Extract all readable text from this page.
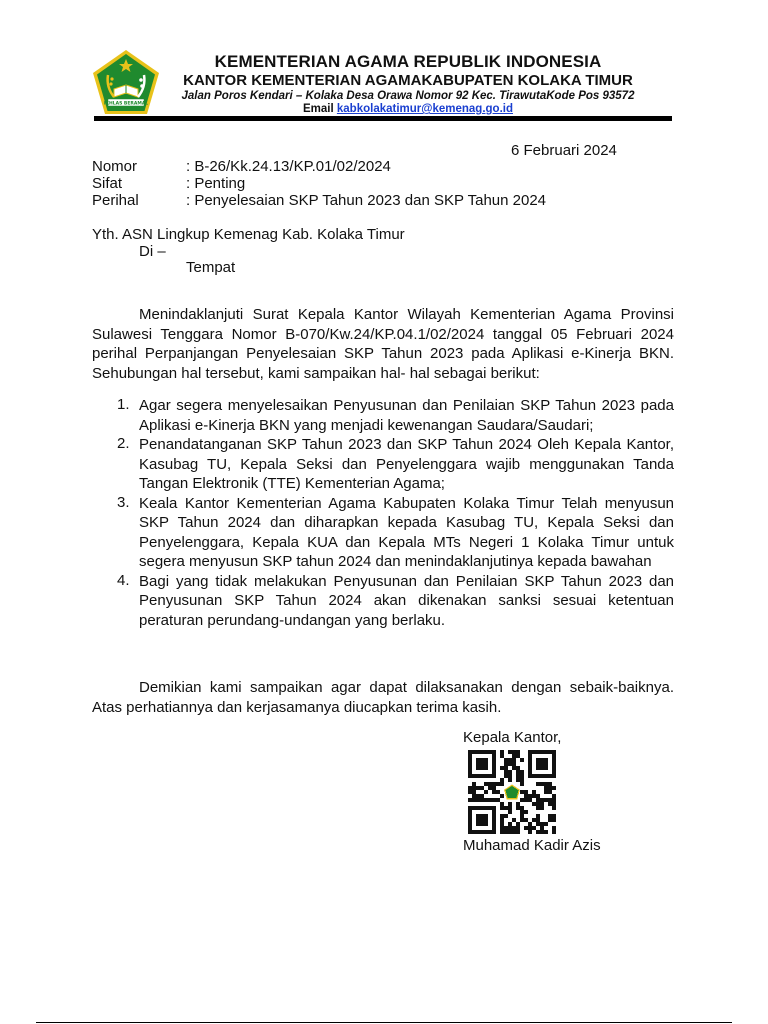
IKHLAS BERAMAL
KEMENTERIAN AGAMA REPUBLIK INDONESIA
KANTOR KEMENTERIAN AGAMAKABUPATEN KOLAKA TIMUR
Jalan Poros Kendari – Kolaka Desa Orawa Nomor 92 Kec. TirawutaKode Pos 93572
Email kabkolakatimur@kemenag.go.id
6 Februari 2024
Nomor	: B-26/Kk.24.13/KP.01/02/2024
Sifat	: Penting
Perihal	: Penyelesaian SKP Tahun 2023 dan SKP Tahun 2024
Yth. ASN Lingkup Kemenag Kab. Kolaka Timur
Di –
Tempat
Menindaklanjuti Surat Kepala Kantor Wilayah Kementerian Agama Provinsi Sulawesi Tenggara Nomor B-070/Kw.24/KP.04.1/02/2024 tanggal 05 Februari 2024 perihal Perpanjangan Penyelesaian SKP Tahun 2023 pada Aplikasi e-Kinerja BKN. Sehubungan hal tersebut, kami sampaikan hal- hal sebagai berikut:
1. Agar segera menyelesaikan Penyusunan dan Penilaian SKP Tahun 2023 pada Aplikasi e-Kinerja BKN yang menjadi kewenangan Saudara/Saudari;
2. Penandatanganan SKP Tahun 2023 dan SKP Tahun 2024 Oleh Kepala Kantor, Kasubag TU, Kepala Seksi dan Penyelenggara wajib menggunakan Tanda Tangan Elektronik (TTE) Kementerian Agama;
3. Keala Kantor Kementerian Agama Kabupaten Kolaka Timur Telah menyusun SKP Tahun 2024 dan diharapkan kepada Kasubag TU, Kepala Seksi dan Penyelenggara, Kepala KUA dan Kepala MTs Negeri 1 Kolaka Timur untuk segera menyusun SKP tahun 2024 dan menindaklanjutinya kepada bawahan
4. Bagi yang tidak melakukan Penyusunan dan Penilaian SKP Tahun 2023 dan Penyusunan SKP Tahun 2024 akan dikenakan sanksi sesuai ketentuan peraturan perundang-undangan yang berlaku.
Demikian kami sampaikan agar dapat dilaksanakan dengan sebaik-baiknya. Atas perhatiannya dan kerjasamanya diucapkan terima kasih.
Kepala Kantor,
Muhamad Kadir Azis
